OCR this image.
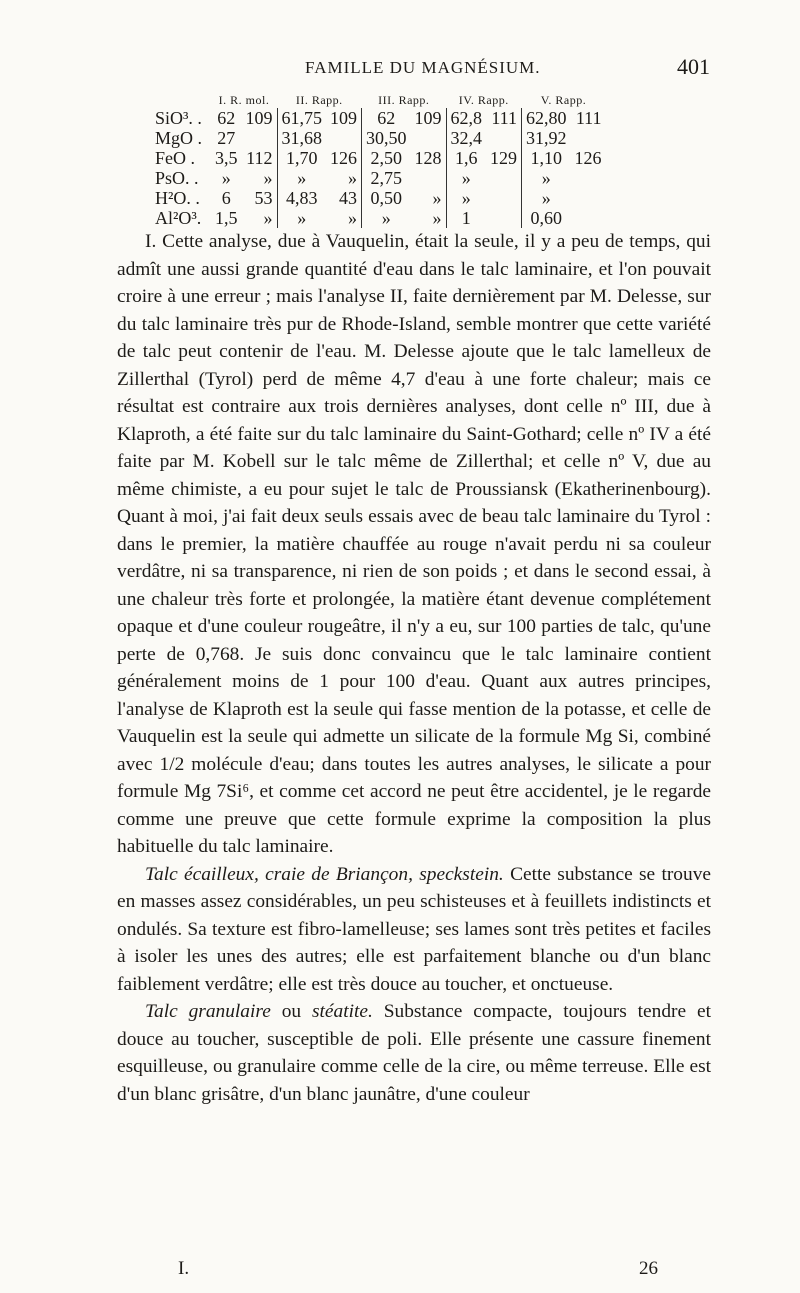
FAMILLE DU MAGNÉSIUM.	401
	I. R. mol.		II. Rapp.		III. Rapp.		IV. Rapp.		V. Rapp.	
SiO³. .	62	109	61,75	109	62	109	62,8	111	62,80	111
MgO .	27		31,68		30,50		32,4		31,92	
FeO .	3,5	112	1,70	126	2,50	128	1,6	129	1,10	126
PsO. .	»	»	»	»	2,75		»		»	
H²O. .	6	53	4,83	43	0,50	»	»		»	
Al²O³.	1,5	»	»	»	»	»	1		0,60	

I. Cette analyse, due à Vauquelin, était la seule, il y a peu de temps, qui admît une aussi grande quantité d'eau dans le talc laminaire, et l'on pouvait croire à une erreur ; mais l'analyse II, faite dernièrement par M. Delesse, sur du talc laminaire très pur de Rhode-Island, semble montrer que cette variété de talc peut contenir de l'eau. M. Delesse ajoute que le talc lamelleux de Zillerthal (Tyrol) perd de même 4,7 d'eau à une forte chaleur; mais ce résultat est contraire aux trois dernières analyses, dont celle nº III, due à Klaproth, a été faite sur du talc laminaire du Saint-Gothard; celle nº IV a été faite par M. Kobell sur le talc même de Zillerthal; et celle nº V, due au même chimiste, a eu pour sujet le talc de Proussiansk (Ekatherinenbourg). Quant à moi, j'ai fait deux seuls essais avec de beau talc laminaire du Tyrol : dans le premier, la matière chauffée au rouge n'avait perdu ni sa couleur verdâtre, ni sa transparence, ni rien de son poids ; et dans le second essai, à une chaleur très forte et prolongée, la matière étant devenue complétement opaque et d'une couleur rougeâtre, il n'y a eu, sur 100 parties de talc, qu'une perte de 0,768. Je suis donc convaincu que le talc laminaire contient généralement moins de 1 pour 100 d'eau. Quant aux autres principes, l'analyse de Klaproth est la seule qui fasse mention de la potasse, et celle de Vauquelin est la seule qui admette un silicate de la formule Mg Si, combiné avec 1/2 molécule d'eau; dans toutes les autres analyses, le silicate a pour formule Mg 7Si⁶, et comme cet accord ne peut être accidentel, je le regarde comme une preuve que cette formule exprime la composition la plus habituelle du talc laminaire.

Talc écailleux, craie de Briançon, speckstein. Cette substance se trouve en masses assez considérables, un peu schisteuses et à feuillets indistincts et ondulés. Sa texture est fibro-lamelleuse; ses lames sont très petites et faciles à isoler les unes des autres; elle est parfaitement blanche ou d'un blanc faiblement verdâtre; elle est très douce au toucher, et onctueuse.

Talc granulaire ou stéatite. Substance compacte, toujours tendre et douce au toucher, susceptible de poli. Elle présente une cassure finement esquilleuse, ou granulaire comme celle de la cire, ou même terreuse. Elle est d'un blanc grisâtre, d'un blanc jaunâtre, d'une couleur

I.	26
